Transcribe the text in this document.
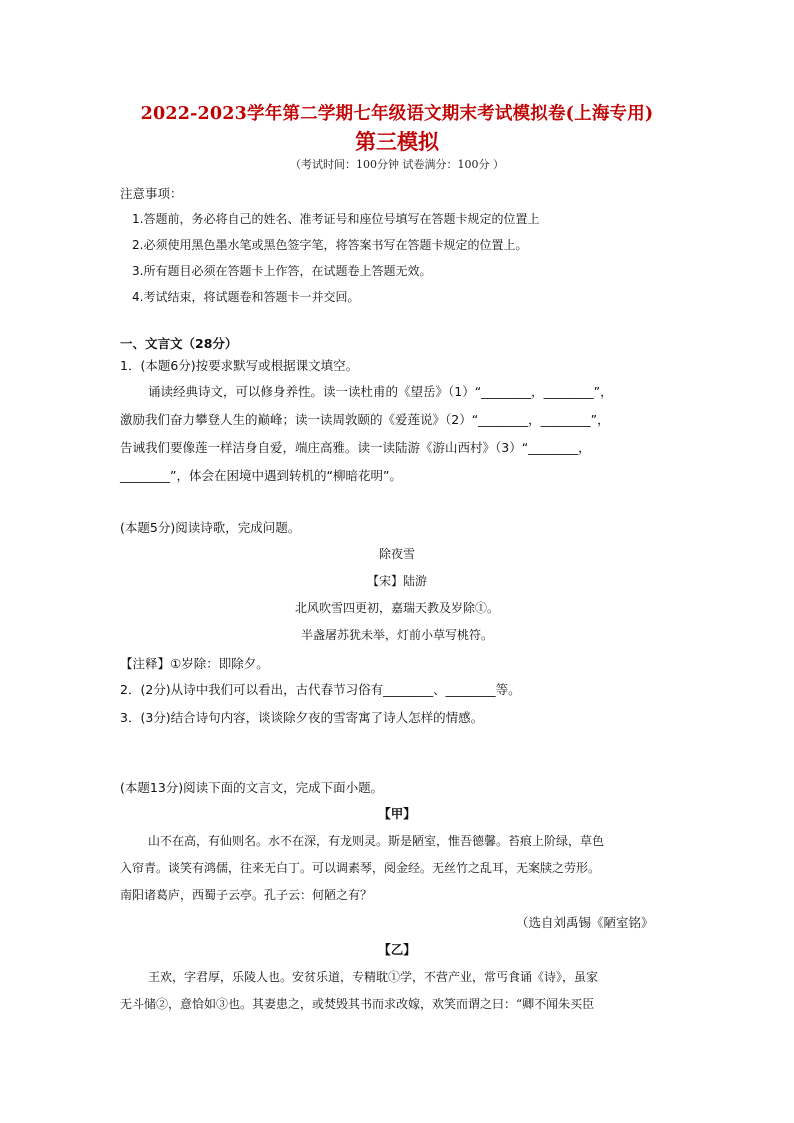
2022-2023学年第二学期七年级语文期末考试模拟卷(上海专用)
第三模拟
（考试时间：100分钟 试卷满分：100分 ）
注意事项：
1.答题前，务必将自己的姓名、准考证号和座位号填写在答题卡规定的位置上
2.必须使用黑色墨水笔或黑色签字笔，将答案书写在答题卡规定的位置上。
3.所有题目必须在答题卡上作答，在试题卷上答题无效。
4.考试结束，将试题卷和答题卡一并交回。
一、文言文（28分）
1．(本题6分)按要求默写或根据课文填空。
诵读经典诗文，可以修身养性。读一读杜甫的《望岳》（1）“________，________”，
激励我们奋力攀登人生的巅峰；读一读周敦颐的《爱莲说》（2）“________，________”，
告诫我们要像莲一样洁身自爱，端庄高雅。读一读陆游《游山西村》（3）“________，
________”，体会在困境中遇到转机的“柳暗花明”。
(本题5分)阅读诗歌，完成问题。
除夜雪
【宋】陆游
北风吹雪四更初，嘉瑞天教及岁除①。
半盏屠苏犹未举，灯前小草写桃符。
【注释】①岁除：即除夕。
2．(2分)从诗中我们可以看出，古代春节习俗有________、________等。
3．(3分)结合诗句内容，谈谈除夕夜的雪寄寓了诗人怎样的情感。
(本题13分)阅读下面的文言文，完成下面小题。
【甲】
山不在高，有仙则名。水不在深，有龙则灵。斯是陋室，惟吾德馨。苔痕上阶绿，草色
入帘青。谈笑有鸿儒，往来无白丁。可以调素琴，阅金经。无丝竹之乱耳，无案牍之劳形。
南阳诸葛庐，西蜀子云亭。孔子云：何陋之有？
（选自刘禹锡《陋室铭》
【乙】
王欢，字君厚，乐陵人也。安贫乐道，专精耽①学，不营产业，常丐食诵《诗》，虽家
无斗储②，意恰如③也。其妻患之，或焚毁其书而求改嫁，欢笑而谓之曰：“卿不闻朱买臣
